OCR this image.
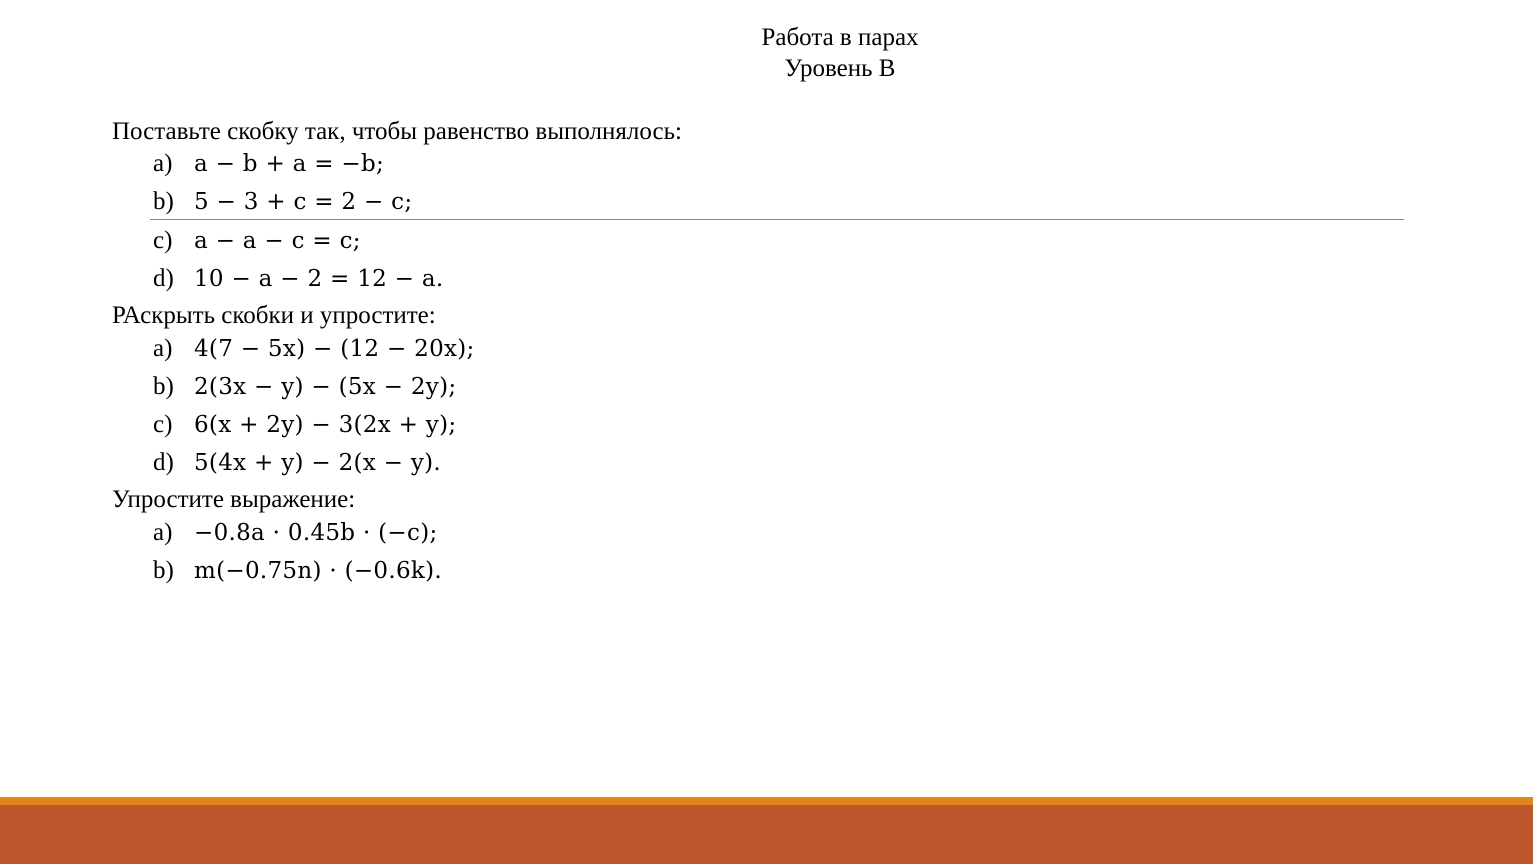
Работа в парах
Уровень В
Поставьте скобку так, чтобы равенство выполнялось:
a) a − b + a = −b;
b) 5 − 3 + c = 2 − c;
c) a − a − c = c;
d) 10 − a − 2 = 12 − a.
РАскрыть скобки и упростите:
a) 4(7 − 5x) − (12 − 20x);
b) 2(3x − y) − (5x − 2y);
c) 6(x + 2y) − 3(2x + y);
d) 5(4x + y) − 2(x − y).
Упростите выражение:
a) −0.8a · 0.45b · (−c);
b) m(−0.75n) · (−0.6k).
